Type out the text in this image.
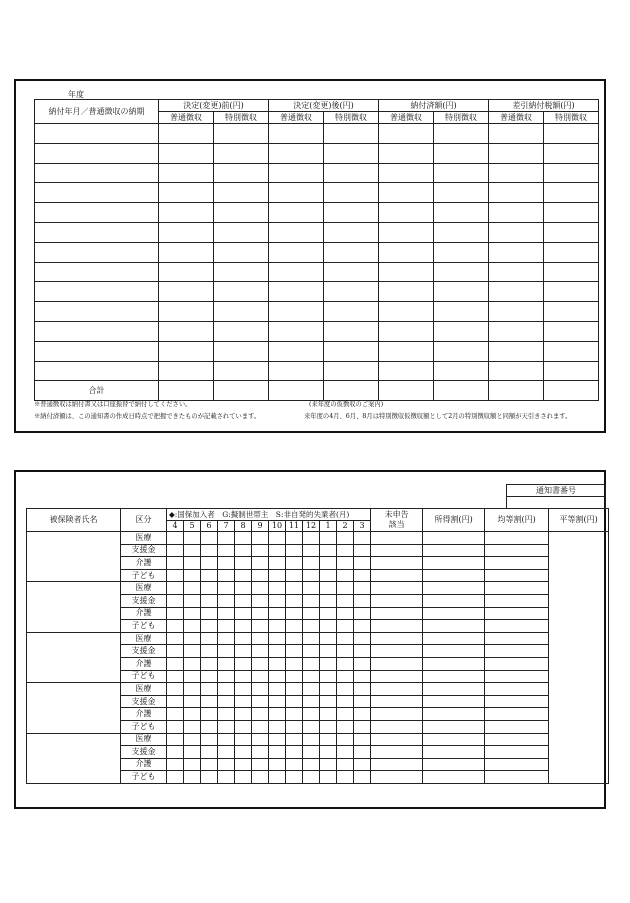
年度
納付年月／普通徴収の納期	決定(変更)前(円)		決定(変更)後(円)		納付済額(円)		差引納付税額(円)	
	普通徴収	特別徴収	普通徴収	特別徴収	普通徴収	特別徴収	普通徴収	特別徴収

合計								
※普通徴収は納付書又は口座振替で納付してください。	(来年度の仮徴収のご案内)
※納付済額は、この通知書の作成日時点で把握できたものが記載されています。	来年度の4月、6月、8月は特別徴収仮徴収額として2月の特別徴収額と同額が天引きされます。
通知書番号

被保険者氏名	区分	◆:国保加入者　G:擬制世帯主　S:非自発的失業者(月)												未申告
該当	所得割(円)	均等割(円)	平等割(円)
		4	5	6	7	8	9	10	11	12	1	2	3				
	医療																
	支援金																
	介護																
	子ども																
	医療																
	支援金																
	介護																
	子ども																
	医療																
	支援金																
	介護																
	子ども																
	医療																
	支援金																
	介護																
	子ども																
	医療																
	支援金																
	介護																
	子ども																
